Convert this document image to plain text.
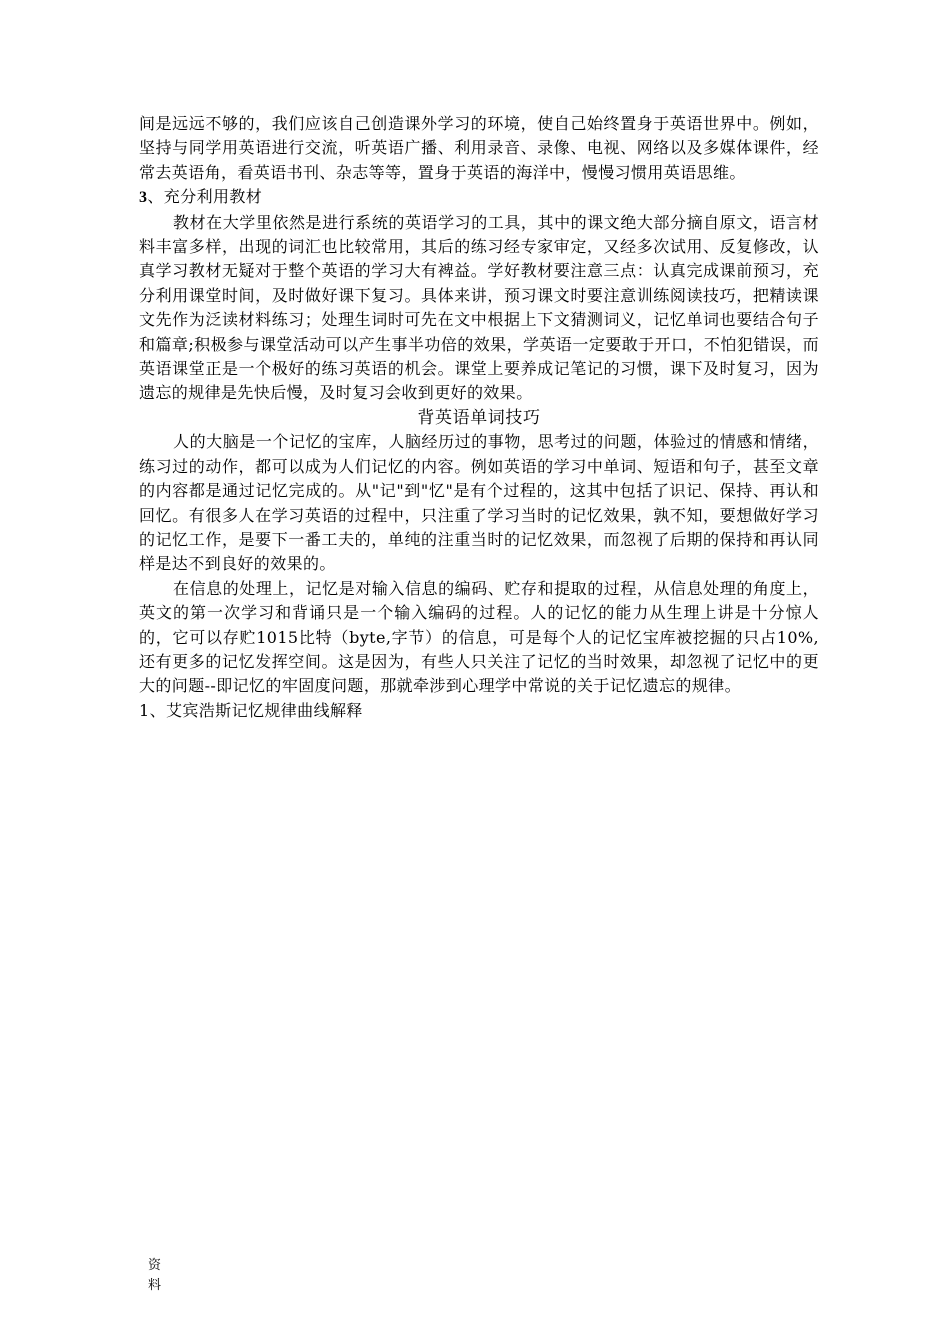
间是远远不够的，我们应该自己创造课外学习的环境，使自己始终置身于英语世界中。例如，坚持与同学用英语进行交流，听英语广播、利用录音、录像、电视、网络以及多媒体课件，经常去英语角，看英语书刊、杂志等等，置身于英语的海洋中，慢慢习惯用英语思维。

3、充分利用教材

教材在大学里依然是进行系统的英语学习的工具，其中的课文绝大部分摘自原文，语言材料丰富多样，出现的词汇也比较常用，其后的练习经专家审定，又经多次试用、反复修改，认真学习教材无疑对于整个英语的学习大有裨益。学好教材要注意三点：认真完成课前预习，充分利用课堂时间，及时做好课下复习。具体来讲，预习课文时要注意训练阅读技巧，把精读课文先作为泛读材料练习；处理生词时可先在文中根据上下文猜测词义，记忆单词也要结合句子和篇章;积极参与课堂活动可以产生事半功倍的效果，学英语一定要敢于开口，不怕犯错误，而英语课堂正是一个极好的练习英语的机会。课堂上要养成记笔记的习惯，课下及时复习，因为遗忘的规律是先快后慢，及时复习会收到更好的效果。

背英语单词技巧

人的大脑是一个记忆的宝库，人脑经历过的事物，思考过的问题，体验过的情感和情绪，练习过的动作，都可以成为人们记忆的内容。例如英语的学习中单词、短语和句子，甚至文章的内容都是通过记忆完成的。从"记"到"忆"是有个过程的，这其中包括了识记、保持、再认和回忆。有很多人在学习英语的过程中，只注重了学习当时的记忆效果，孰不知，要想做好学习的记忆工作，是要下一番工夫的，单纯的注重当时的记忆效果，而忽视了后期的保持和再认同样是达不到良好的效果的。

在信息的处理上，记忆是对输入信息的编码、贮存和提取的过程，从信息处理的角度上，英文的第一次学习和背诵只是一个输入编码的过程。人的记忆的能力从生理上讲是十分惊人的，它可以存贮1015比特（byte,字节）的信息，可是每个人的记忆宝库被挖掘的只占10%,还有更多的记忆发挥空间。这是因为，有些人只关注了记忆的当时效果，却忽视了记忆中的更大的问题--即记忆的牢固度问题，那就牵涉到心理学中常说的关于记忆遗忘的规律。

1、艾宾浩斯记忆规律曲线解释

资
料
